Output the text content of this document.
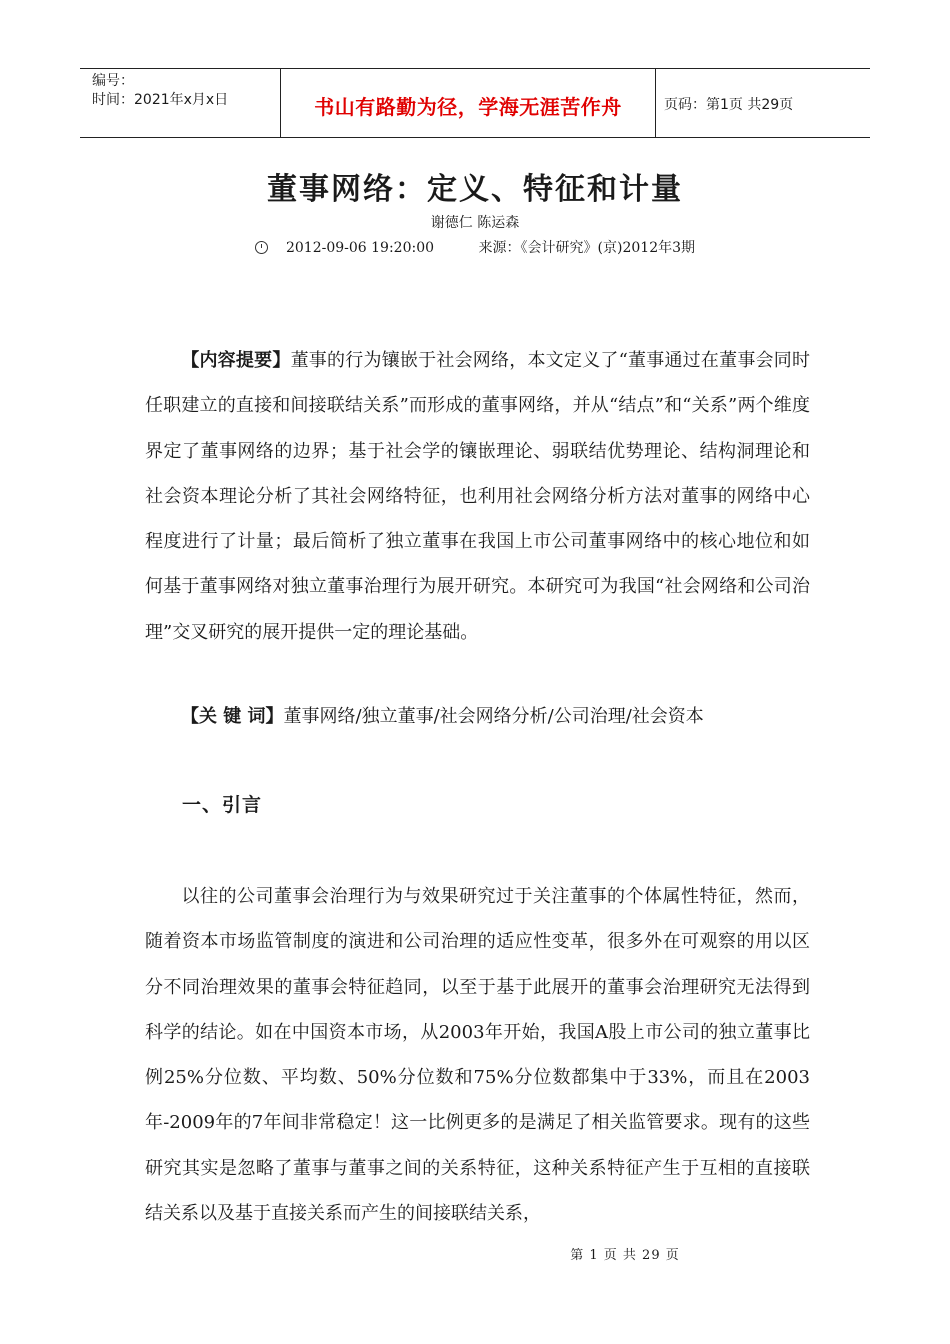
编号：
时间：2021年x月x日	书山有路勤为径，学海无涯苦作舟	页码：第1页 共29页
董事网络：定义、特征和计量
谢德仁 陈运森
2012-09-06 19:20:00	来源：《会计研究》(京)2012年3期
【内容提要】董事的行为镶嵌于社会网络，本文定义了“董事通过在董事会同时任职建立的直接和间接联结关系”而形成的董事网络，并从“结点”和“关系”两个维度界定了董事网络的边界；基于社会学的镶嵌理论、弱联结优势理论、结构洞理论和社会资本理论分析了其社会网络特征，也利用社会网络分析方法对董事的网络中心程度进行了计量；最后简析了独立董事在我国上市公司董事网络中的核心地位和如何基于董事网络对独立董事治理行为展开研究。本研究可为我国“社会网络和公司治理”交叉研究的展开提供一定的理论基础。
【关 键 词】董事网络/独立董事/社会网络分析/公司治理/社会资本
一、引言
以往的公司董事会治理行为与效果研究过于关注董事的个体属性特征，然而，随着资本市场监管制度的演进和公司治理的适应性变革，很多外在可观察的用以区分不同治理效果的董事会特征趋同，以至于基于此展开的董事会治理研究无法得到科学的结论。如在中国资本市场，从2003年开始，我国A股上市公司的独立董事比例25%分位数、平均数、50%分位数和75%分位数都集中于33%，而且在2003年-2009年的7年间非常稳定！这一比例更多的是满足了相关监管要求。现有的这些研究其实是忽略了董事与董事之间的关系特征，这种关系特征产生于互相的直接联结关系以及基于直接关系而产生的间接联结关系，
第 1 页 共 29 页
